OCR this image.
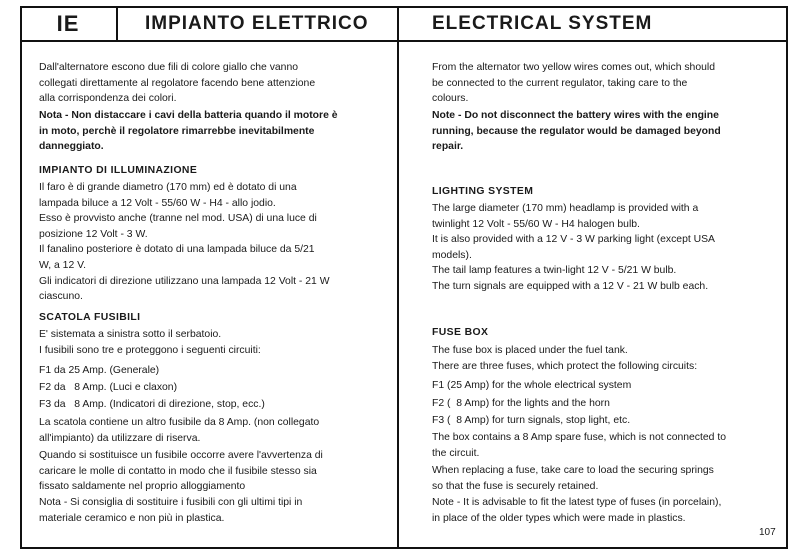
IE	IMPIANTO ELETTRICO	ELECTRICAL SYSTEM

Dall'alternatore escono due fili di colore giallo che vanno

collegati direttamente al regolatore facendo bene attenzione

alla corrispondenza dei colori.

Nota - Non distaccare i cavi della batteria quando il motore è

in moto, perchè il regolatore rimarrebbe inevitabilmente

danneggiato.

IMPIANTO DI ILLUMINAZIONE

Il faro è di grande diametro (170 mm) ed è dotato di una

lampada biluce a 12 Volt - 55/60 W - H4 - allo jodio.

Esso è provvisto anche (tranne nel mod. USA) di una luce di

posizione 12 Volt - 3 W.

Il fanalino posteriore è dotato di una lampada biluce da 5/21

W, a 12 V.

Gli indicatori di direzione utilizzano una lampada 12 Volt - 21 W

ciascuno.

SCATOLA FUSIBILI

E' sistemata a sinistra sotto il serbatoio.

I fusibili sono tre e proteggono i seguenti circuiti:

F1 da 25 Amp. (Generale)

F2 da   8 Amp. (Luci e claxon)

F3 da   8 Amp. (Indicatori di direzione, stop, ecc.)

La scatola contiene un altro fusibile da 8 Amp. (non collegato

all'impianto) da utilizzare di riserva.

Quando si sostituisce un fusibile occorre avere l'avvertenza di

caricare le molle di contatto in modo che il fusibile stesso sia

fissato saldamente nel proprio alloggiamento

Nota - Si consiglia di sostituire i fusibili con gli ultimi tipi in

materiale ceramico e non più in plastica.

From the alternator two yellow wires comes out, which should

be connected to the current regulator, taking care to the

colours.

Note - Do not disconnect the battery wires with the engine

running, because the regulator would be damaged beyond

repair.

LIGHTING SYSTEM

The large diameter (170 mm) headlamp is provided with a

twinlight 12 Volt - 55/60 W - H4 halogen bulb.

It is also provided with a 12 V - 3 W parking light (except USA

models).

The tail lamp features a twin-light 12 V - 5/21 W bulb.

The turn signals are equipped with a 12 V - 21 W bulb each.

FUSE BOX

The fuse box is placed under the fuel tank.

There are three fuses, which protect the following circuits:

F1 (25 Amp) for the whole electrical system

F2 (  8 Amp) for the lights and the horn

F3 (  8 Amp) for turn signals, stop light, etc.

The box contains a 8 Amp spare fuse, which is not connected to

the circuit.

When replacing a fuse, take care to load the securing springs

so that the fuse is securely retained.

Note - It is advisable to fit the latest type of fuses (in porcelain),

in place of the older types which were made in plastics.

107
